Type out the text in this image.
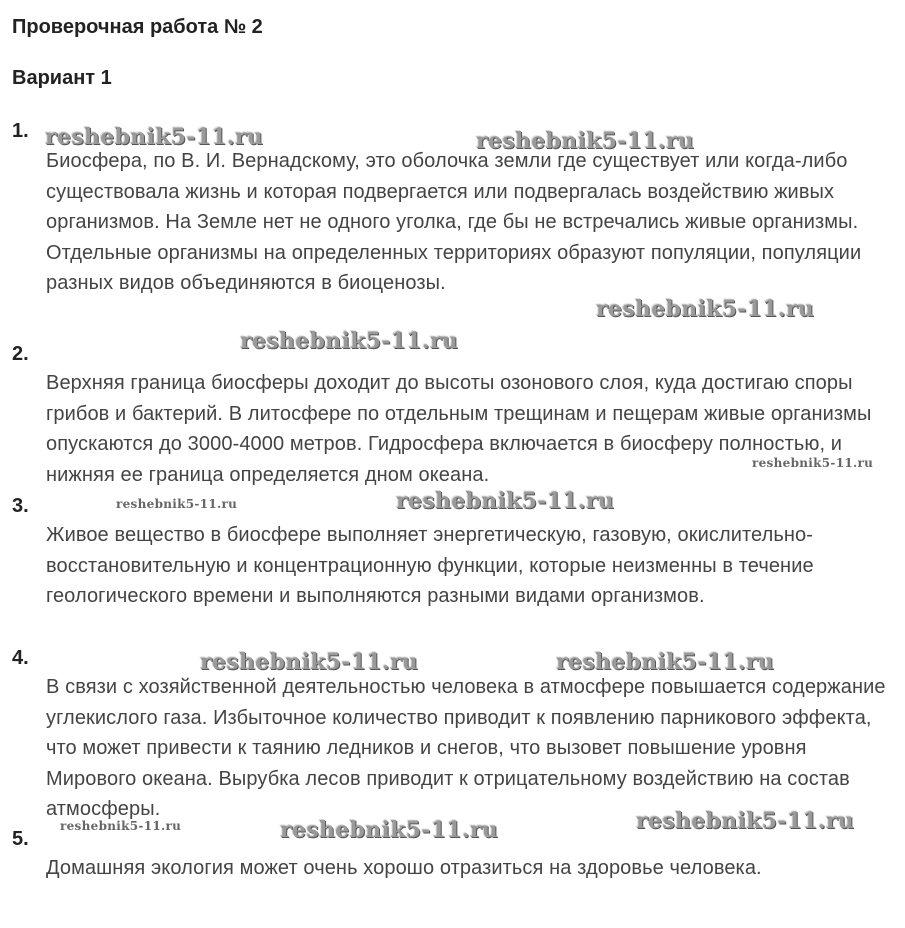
Проверочная работа № 2
Вариант 1
1.

Биосфера, по В. И. Вернадскому, это оболочка земли где существует или когда-либо существовала жизнь и которая подвергается или подвергалась воздействию живых организмов. На Земле нет не одного уголка, где бы не встречались живые организмы. Отдельные организмы на определенных территориях образуют популяции, популяции разных видов объединяются в биоценозы.

2.

Верхняя граница биосферы доходит до высоты озонового слоя, куда достигаю споры грибов и бактерий. В литосфере по отдельным трещинам и пещерам живые организмы опускаются до 3000-4000 метров. Гидросфера включается в биосферу полностью, и нижняя ее граница определяется дном океана.

3.

Живое вещество в биосфере выполняет энергетическую, газовую, окислительно-восстановительную и концентрационную функции, которые неизменны в течение геологического времени и выполняются разными видами организмов.

4.

В связи с хозяйственной деятельностью человека в атмосфере повышается содержание углекислого газа. Избыточное количество приводит к появлению парникового эффекта, что может привести к таянию ледников и снегов, что вызовет повышение уровня Мирового океана. Вырубка лесов приводит к отрицательному воздействию на состав атмосферы.

5.

Домашняя экология может очень хорошо отразиться на здоровье человека.

reshebnik5-11.ru	reshebnik5-11.ru
reshebnik5-11.ru
reshebnik5-11.ru
reshebnik5-11.ru
reshebnik5-11.ru	reshebnik5-11.ru
reshebnik5-11.ru	reshebnik5-11.ru
reshebnik5-11.ru	reshebnik5-11.ru	reshebnik5-11.ru
